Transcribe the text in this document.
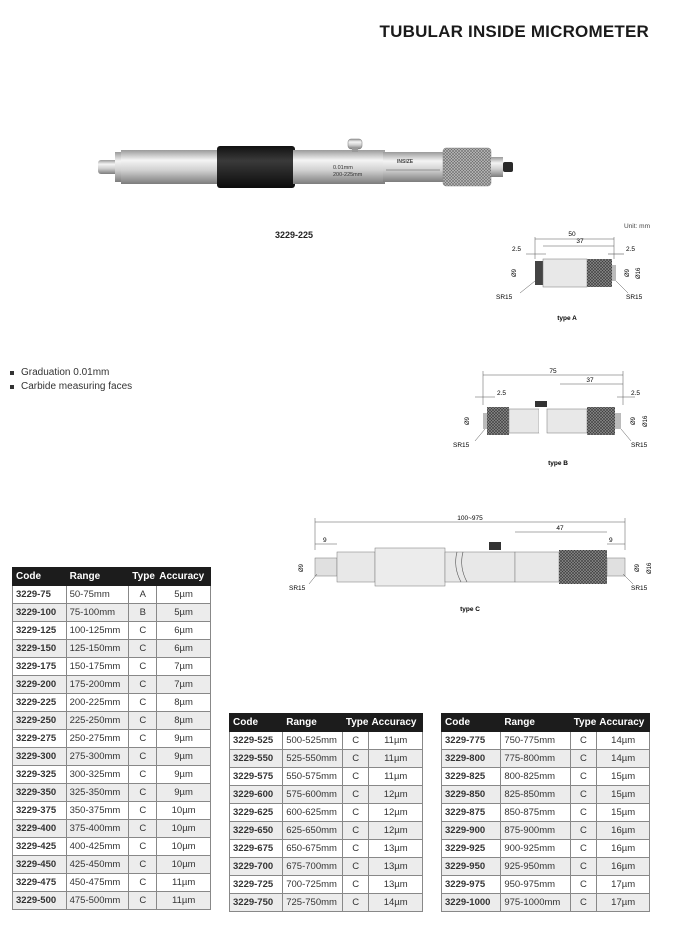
TUBULAR INSIDE MICROMETER
0.01mm
200-225mm
INSIZE
3229-225
Graduation 0.01mm
Carbide measuring faces
Unit: mm
50
37
2.5	2.5
Ø9	Ø9 Ø16
SR15	SR15
type A
75
37
2.5	2.5
Ø9	Ø9 Ø16
SR15	SR15
type B
100~975
47
9	9
Ø9	Ø9 Ø16
SR15	SR15
type C
Code	Range	Type	Accuracy
3229-75	50-75mm	A	5µm
3229-100	75-100mm	B	5µm
3229-125	100-125mm	C	6µm
3229-150	125-150mm	C	6µm
3229-175	150-175mm	C	7µm
3229-200	175-200mm	C	7µm
3229-225	200-225mm	C	8µm
3229-250	225-250mm	C	8µm
3229-275	250-275mm	C	9µm
3229-300	275-300mm	C	9µm
3229-325	300-325mm	C	9µm
3229-350	325-350mm	C	9µm
3229-375	350-375mm	C	10µm
3229-400	375-400mm	C	10µm
3229-425	400-425mm	C	10µm
3229-450	425-450mm	C	10µm
3229-475	450-475mm	C	11µm
3229-500	475-500mm	C	11µm
Code	Range	Type	Accuracy
3229-525	500-525mm	C	11µm
3229-550	525-550mm	C	11µm
3229-575	550-575mm	C	11µm
3229-600	575-600mm	C	12µm
3229-625	600-625mm	C	12µm
3229-650	625-650mm	C	12µm
3229-675	650-675mm	C	13µm
3229-700	675-700mm	C	13µm
3229-725	700-725mm	C	13µm
3229-750	725-750mm	C	14µm
Code	Range	Type	Accuracy
3229-775	750-775mm	C	14µm
3229-800	775-800mm	C	14µm
3229-825	800-825mm	C	15µm
3229-850	825-850mm	C	15µm
3229-875	850-875mm	C	15µm
3229-900	875-900mm	C	16µm
3229-925	900-925mm	C	16µm
3229-950	925-950mm	C	16µm
3229-975	950-975mm	C	17µm
3229-1000	975-1000mm	C	17µm
